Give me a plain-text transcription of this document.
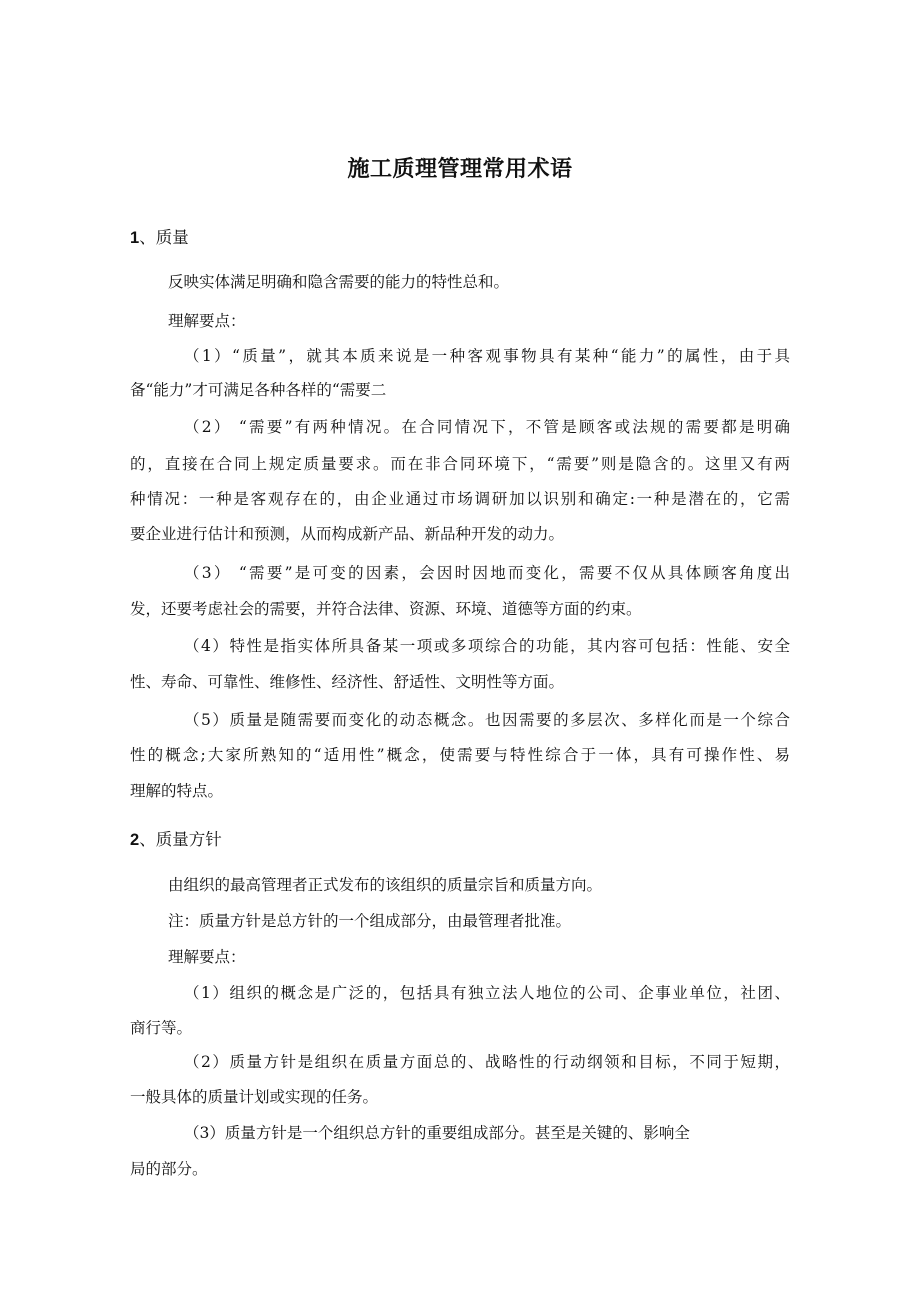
施工质理管理常用术语
1、质量
反映实体满足明确和隐含需要的能力的特性总和。
理解要点：
（1）“质量”，就其本质来说是一种客观事物具有某种“能力”的属性，由于具
备“能力”才可满足各种各样的“需要二
（2） “需要”有两种情况。在合同情况下，不管是顾客或法规的需要都是明确
的，直接在合同上规定质量要求。而在非合同环境下，“需要”则是隐含的。这里又有两
种情况：一种是客观存在的，由企业通过市场调研加以识别和确定:一种是潜在的，它需
要企业进行估计和预测，从而构成新产品、新品种开发的动力。
（3） “需要”是可变的因素，会因时因地而变化，需要不仅从具体顾客角度出
发，还要考虑社会的需要，并符合法律、资源、环境、道德等方面的约束。
（4）特性是指实体所具备某一项或多项综合的功能，其内容可包括：性能、安全
性、寿命、可靠性、维修性、经济性、舒适性、文明性等方面。
（5）质量是随需要而变化的动态概念。也因需要的多层次、多样化而是一个综合
性的概念;大家所熟知的“适用性”概念，使需要与特性综合于一体，具有可操作性、易
理解的特点。
2、质量方针
由组织的最高管理者正式发布的该组织的质量宗旨和质量方向。
注：质量方针是总方针的一个组成部分，由最管理者批准。
理解要点：
（1）组织的概念是广泛的，包括具有独立法人地位的公司、企事业单位，社团、
商行等。
（2）质量方针是组织在质量方面总的、战略性的行动纲领和目标，不同于短期，
一般具体的质量计划或实现的任务。
（3）质量方针是一个组织总方针的重要组成部分。甚至是关键的、影响全
局的部分。
